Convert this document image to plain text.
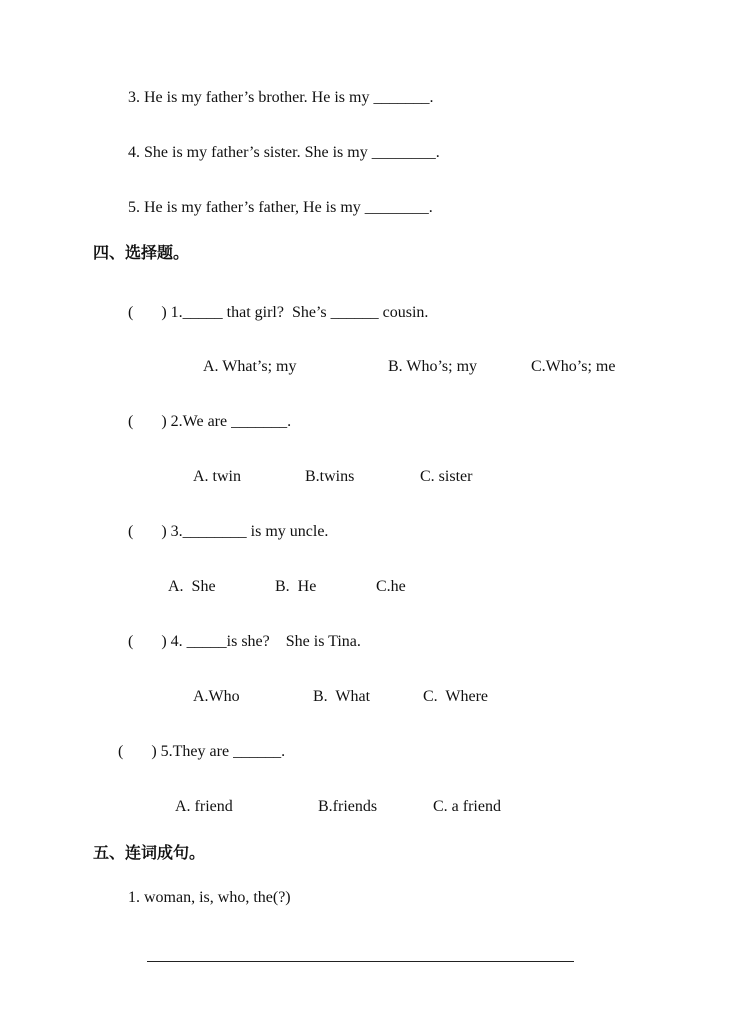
3. He is my father’s brother. He is my _______.
4. She is my father’s sister. She is my ________.
5. He is my father’s father, He is my ________.
四、选择题。
(       ) 1._____ that girl?  She’s ______ cousin.
A. What’s; my	B. Who’s; my	C.Who’s; me
(       ) 2.We are _______.
A. twin	B.twins	C. sister
(       ) 3.________ is my uncle.
A.  She	B.  He	C.he
(       ) 4. _____is she?    She is Tina.
A.Who	B.  What	C.  Where
(       ) 5.They are ______.
A. friend	B.friends	C. a friend
五、连词成句。
1. woman, is, who, the(?)
